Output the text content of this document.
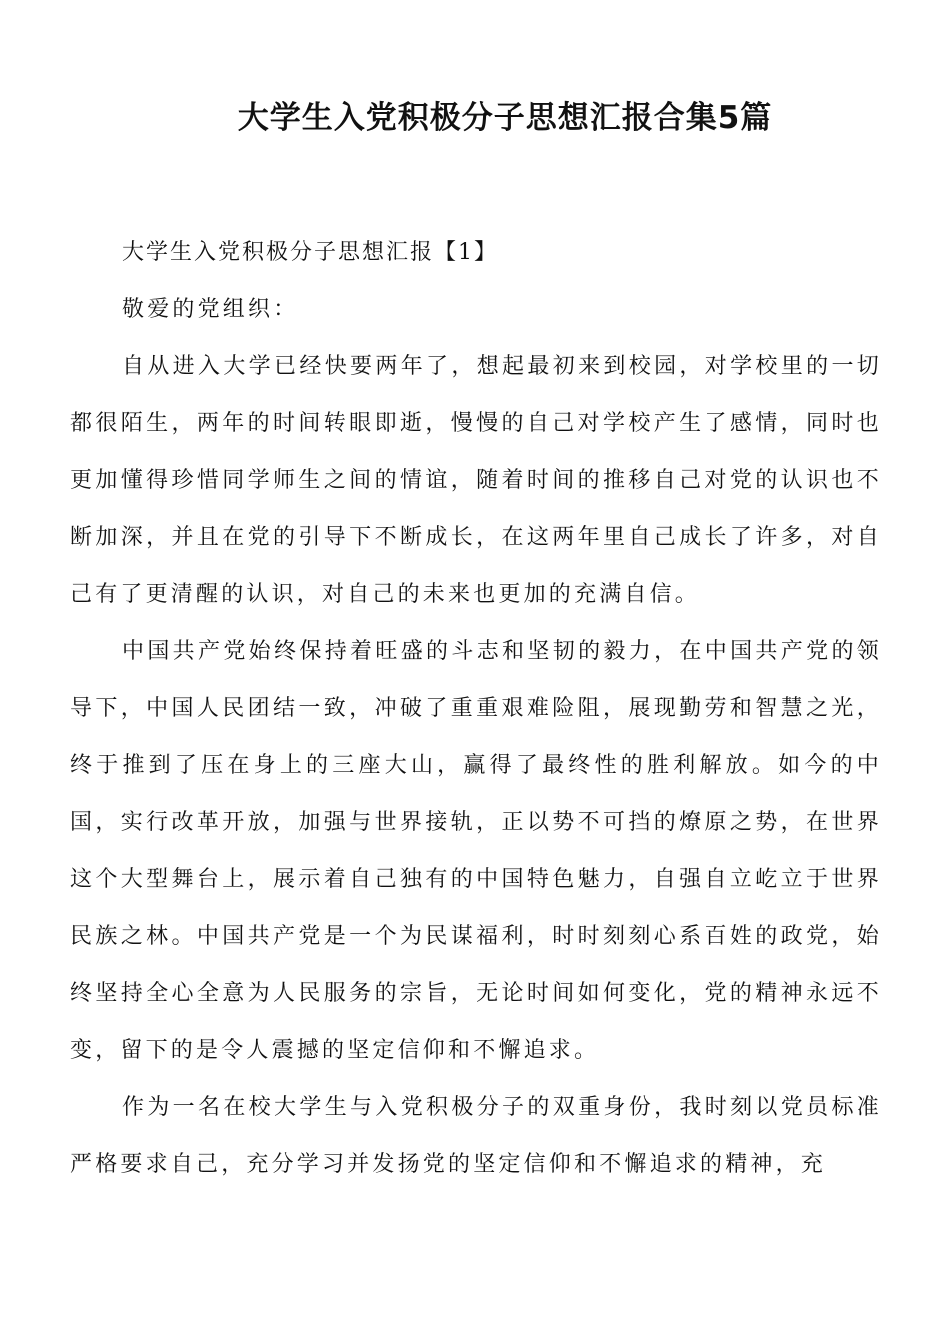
大学生入党积极分子思想汇报合集5篇

大学生入党积极分子思想汇报【1】

敬爱的党组织：

自从进入大学已经快要两年了，想起最初来到校园，对学校里的一切都很陌生，两年的时间转眼即逝，慢慢的自己对学校产生了感情，同时也更加懂得珍惜同学师生之间的情谊，随着时间的推移自己对党的认识也不断加深，并且在党的引导下不断成长，在这两年里自己成长了许多，对自己有了更清醒的认识，对自己的未来也更加的充满自信。

中国共产党始终保持着旺盛的斗志和坚韧的毅力，在中国共产党的领导下，中国人民团结一致，冲破了重重艰难险阻，展现勤劳和智慧之光，终于推到了压在身上的三座大山，赢得了最终性的胜利解放。如今的中国，实行改革开放，加强与世界接轨，正以势不可挡的燎原之势，在世界这个大型舞台上，展示着自己独有的中国特色魅力，自强自立屹立于世界民族之林。中国共产党是一个为民谋福利，时时刻刻心系百姓的政党，始终坚持全心全意为人民服务的宗旨，无论时间如何变化，党的精神永远不变，留下的是令人震撼的坚定信仰和不懈追求。

作为一名在校大学生与入党积极分子的双重身份，我时刻以党员标准严格要求自己，充分学习并发扬党的坚定信仰和不懈追求的精神，充
